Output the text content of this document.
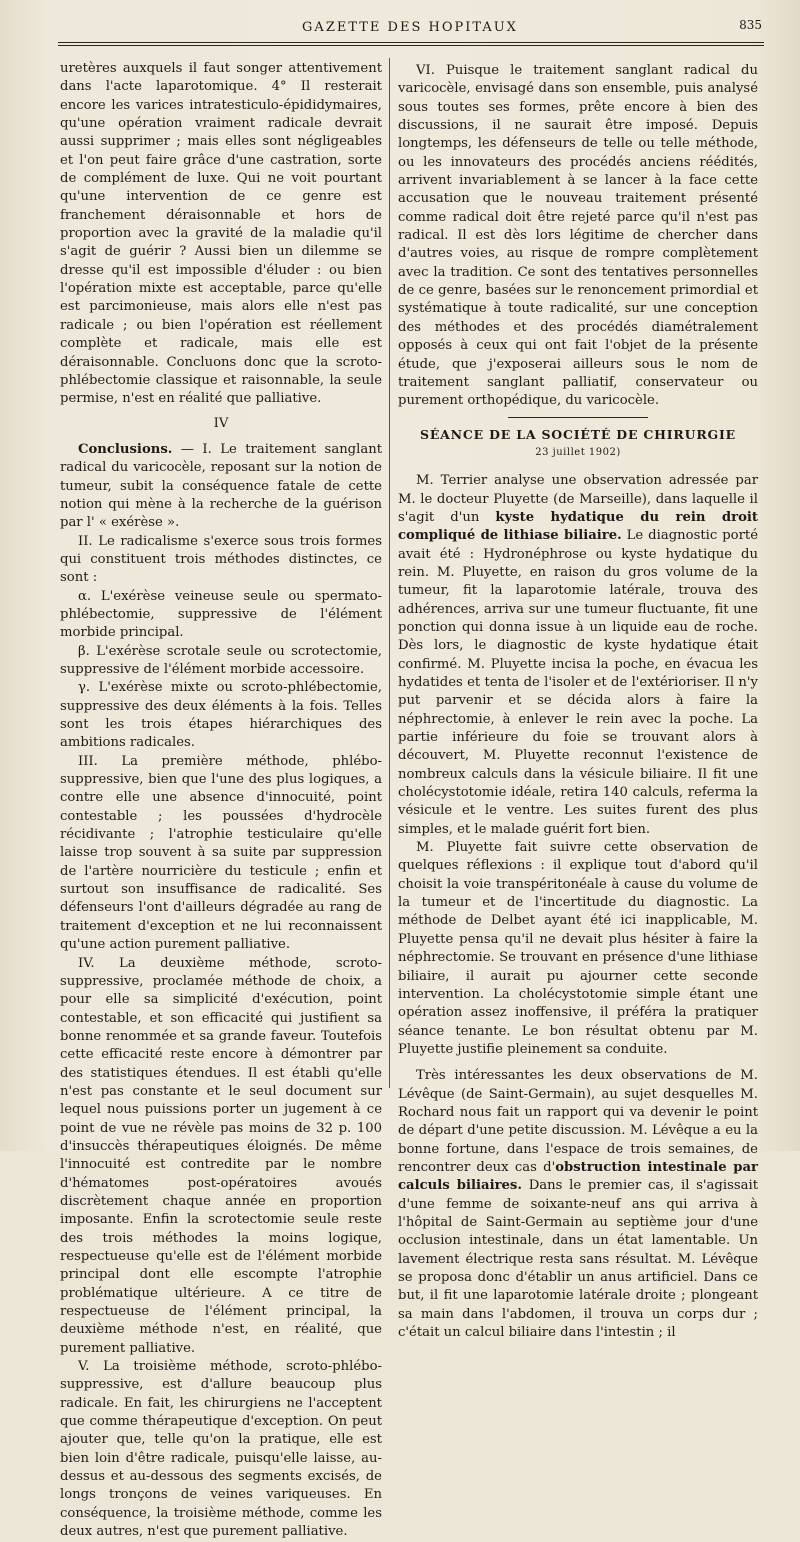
GAZETTE DES HOPITAUX	835

uretères auxquels il faut songer attentivement dans l'acte laparotomique. 4° Il resterait encore les varices intratesticulo-épididymaires, qu'une opération vraiment radicale devrait aussi supprimer ; mais elles sont négligeables et l'on peut faire grâce d'une castration, sorte de complément de luxe. Qui ne voit pourtant qu'une intervention de ce genre est franchement déraisonnable et hors de proportion avec la gravité de la maladie qu'il s'agit de guérir ? Aussi bien un dilemme se dresse qu'il est impossible d'éluder : ou bien l'opération mixte est acceptable, parce qu'elle est parcimonieuse, mais alors elle n'est pas radicale ; ou bien l'opération est réellement complète et radicale, mais elle est déraisonnable. Concluons donc que la scroto-phlébectomie classique et raisonnable, la seule permise, n'est en réalité que palliative.

IV

Conclusions. — I. Le traitement sanglant radical du varicocèle, reposant sur la notion de tumeur, subit la conséquence fatale de cette notion qui mène à la recherche de la guérison par l' « exérèse ».

II. Le radicalisme s'exerce sous trois formes qui constituent trois méthodes distinctes, ce sont :

α. L'exérèse veineuse seule ou spermato-phlébectomie, suppressive de l'élément morbide principal.

β. L'exérèse scrotale seule ou scrotectomie, suppressive de l'élément morbide accessoire.

γ. L'exérèse mixte ou scroto-phlébectomie, suppressive des deux éléments à la fois. Telles sont les trois étapes hiérarchiques des ambitions radicales.

III. La première méthode, phlébo-suppressive, bien que l'une des plus logiques, a contre elle une absence d'innocuité, point contestable ; les poussées d'hydrocèle récidivante ; l'atrophie testiculaire qu'elle laisse trop souvent à sa suite par suppression de l'artère nourricière du testicule ; enfin et surtout son insuffisance de radicalité. Ses défenseurs l'ont d'ailleurs dégradée au rang de traitement d'exception et ne lui reconnaissent qu'une action purement palliative.

IV. La deuxième méthode, scroto-suppressive, proclamée méthode de choix, a pour elle sa simplicité d'exécution, point contestable, et son efficacité qui justifient sa bonne renommée et sa grande faveur. Toutefois cette efficacité reste encore à démontrer par des statistiques étendues. Il est établi qu'elle n'est pas constante et le seul document sur lequel nous puissions porter un jugement à ce point de vue ne révèle pas moins de 32 p. 100 d'insuccès thérapeutiques éloignés. De même l'innocuité est contredite par le nombre d'hématomes post-opératoires avoués discrètement chaque année en proportion imposante. Enfin la scrotectomie seule reste des trois méthodes la moins logique, respectueuse qu'elle est de l'élément morbide principal dont elle escompte l'atrophie problématique ultérieure. A ce titre de respectueuse de l'élément principal, la deuxième méthode n'est, en réalité, que purement palliative.

V. La troisième méthode, scroto-phlébo-suppressive, est d'allure beaucoup plus radicale. En fait, les chirurgiens ne l'acceptent que comme thérapeutique d'exception. On peut ajouter que, telle qu'on la pratique, elle est bien loin d'être radicale, puisqu'elle laisse, au-dessus et au-dessous des segments excisés, de longs tronçons de veines variqueuses. En conséquence, la troisième méthode, comme les deux autres, n'est que purement palliative.

VI. Puisque le traitement sanglant radical du varicocèle, envisagé dans son ensemble, puis analysé sous toutes ses formes, prête encore à bien des discussions, il ne saurait être imposé. Depuis longtemps, les défenseurs de telle ou telle méthode, ou les innovateurs des procédés anciens réédités, arrivent invariablement à se lancer à la face cette accusation que le nouveau traitement présenté comme radical doit être rejeté parce qu'il n'est pas radical. Il est dès lors légitime de chercher dans d'autres voies, au risque de rompre complètement avec la tradition. Ce sont des tentatives personnelles de ce genre, basées sur le renoncement primordial et systématique à toute radicalité, sur une conception des méthodes et des procédés diamétralement opposés à ceux qui ont fait l'objet de la présente étude, que j'exposerai ailleurs sous le nom de traitement sanglant palliatif, conservateur ou purement orthopédique, du varicocèle.

SÉANCE DE LA SOCIÉTÉ DE CHIRURGIE

23 juillet 1902)

M. Terrier analyse une observation adressée par M. le docteur Pluyette (de Marseille), dans laquelle il s'agit d'un kyste hydatique du rein droit compliqué de lithiase biliaire. Le diagnostic porté avait été : Hydronéphrose ou kyste hydatique du rein. M. Pluyette, en raison du gros volume de la tumeur, fit la laparotomie latérale, trouva des adhérences, arriva sur une tumeur fluctuante, fit une ponction qui donna issue à un liquide eau de roche. Dès lors, le diagnostic de kyste hydatique était confirmé. M. Pluyette incisa la poche, en évacua les hydatides et tenta de l'isoler et de l'extérioriser. Il n'y put parvenir et se décida alors à faire la néphrectomie, à enlever le rein avec la poche. La partie inférieure du foie se trouvant alors à découvert, M. Pluyette reconnut l'existence de nombreux calculs dans la vésicule biliaire. Il fit une cholécystotomie idéale, retira 140 calculs, referma la vésicule et le ventre. Les suites furent des plus simples, et le malade guérit fort bien.

M. Pluyette fait suivre cette observation de quelques réflexions : il explique tout d'abord qu'il choisit la voie transpéritonéale à cause du volume de la tumeur et de l'incertitude du diagnostic. La méthode de Delbet ayant été ici inapplicable, M. Pluyette pensa qu'il ne devait plus hésiter à faire la néphrectomie. Se trouvant en présence d'une lithiase biliaire, il aurait pu ajourner cette seconde intervention. La cholécystotomie simple étant une opération assez inoffensive, il préféra la pratiquer séance tenante. Le bon résultat obtenu par M. Pluyette justifie pleinement sa conduite.

Très intéressantes les deux observations de M. Lévêque (de Saint-Germain), au sujet desquelles M. Rochard nous fait un rapport qui va devenir le point de départ d'une petite discussion. M. Lévêque a eu la bonne fortune, dans l'espace de trois semaines, de rencontrer deux cas d'obstruction intestinale par calculs biliaires. Dans le premier cas, il s'agissait d'une femme de soixante-neuf ans qui arriva à l'hôpital de Saint-Germain au septième jour d'une occlusion intestinale, dans un état lamentable. Un lavement électrique resta sans résultat. M. Lévêque se proposa donc d'établir un anus artificiel. Dans ce but, il fit une laparotomie latérale droite ; plongeant sa main dans l'abdomen, il trouva un corps dur ; c'était un calcul biliaire dans l'intestin ; il
